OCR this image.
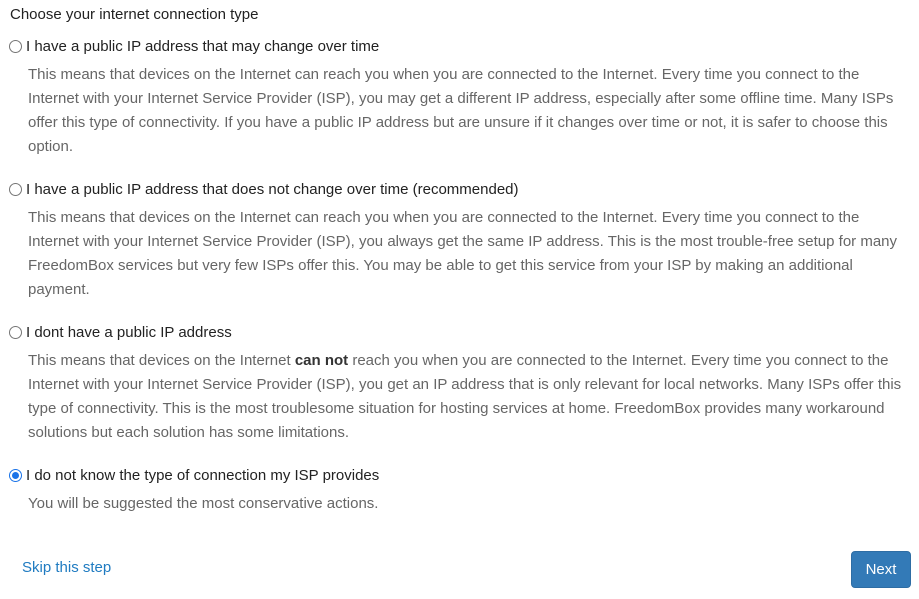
Choose your internet connection type
I have a public IP address that may change over time

This means that devices on the Internet can reach you when you are connected to the Internet. Every time you connect to the Internet with your Internet Service Provider (ISP), you may get a different IP address, especially after some offline time. Many ISPs offer this type of connectivity. If you have a public IP address but are unsure if it changes over time or not, it is safer to choose this option.

I have a public IP address that does not change over time (recommended)

This means that devices on the Internet can reach you when you are connected to the Internet. Every time you connect to the Internet with your Internet Service Provider (ISP), you always get the same IP address. This is the most trouble-free setup for many FreedomBox services but very few ISPs offer this. You may be able to get this service from your ISP by making an additional payment.

I dont have a public IP address

This means that devices on the Internet can not reach you when you are connected to the Internet. Every time you connect to the Internet with your Internet Service Provider (ISP), you get an IP address that is only relevant for local networks. Many ISPs offer this type of connectivity. This is the most troublesome situation for hosting services at home. FreedomBox provides many workaround solutions but each solution has some limitations.

I do not know the type of connection my ISP provides

You will be suggested the most conservative actions.

Skip this step	Next
